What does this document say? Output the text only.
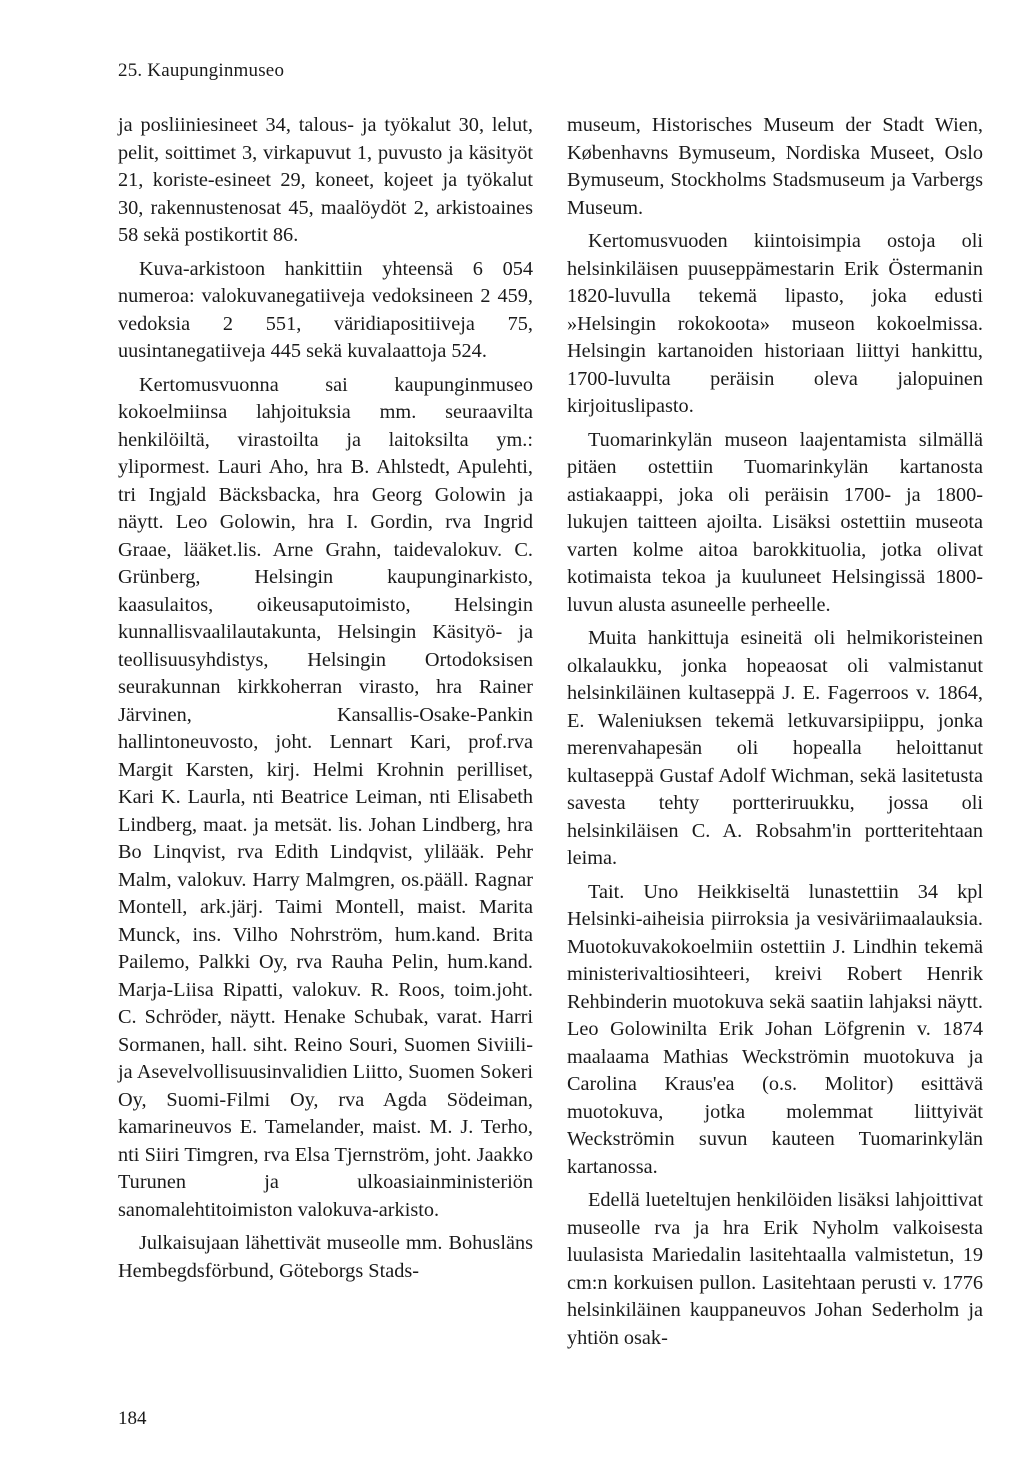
25. Kaupunginmuseo

ja posliiniesineet 34, talous- ja työkalut 30, lelut, pelit, soittimet 3, virkapuvut 1, puvusto ja käsityöt 21, koriste-esineet 29, koneet, kojeet ja työkalut 30, rakennustenosat 45, maalöydöt 2, arkistoaines 58 sekä postikortit 86.

Kuva-arkistoon hankittiin yhteensä 6 054 numeroa: valokuvanegatiiveja vedoksineen 2 459, vedoksia 2 551, väridiapositiiveja 75, uusintanegatiiveja 445 sekä kuvalaattoja 524.

Kertomusvuonna sai kaupunginmuseo kokoelmiinsa lahjoituksia mm. seuraavilta henkilöiltä, virastoilta ja laitoksilta ym.: ylipormest. Lauri Aho, hra B. Ahlstedt, Apulehti, tri Ingjald Bäcksbacka, hra Georg Golowin ja näytt. Leo Golowin, hra I. Gordin, rva Ingrid Graae, lääket.lis. Arne Grahn, taidevalokuv. C. Grünberg, Helsingin kaupunginarkisto, kaasulaitos, oikeusaputoimisto, Helsingin kunnallisvaalilautakunta, Helsingin Käsityö- ja teollisuusyhdistys, Helsingin Ortodoksisen seurakunnan kirkkoherran virasto, hra Rainer Järvinen, Kansallis-Osake-Pankin hallintoneuvosto, joht. Lennart Kari, prof.rva Margit Karsten, kirj. Helmi Krohnin perilliset, Kari K. Laurla, nti Beatrice Leiman, nti Elisabeth Lindberg, maat. ja metsät. lis. Johan Lindberg, hra Bo Linqvist, rva Edith Lindqvist, ylilääk. Pehr Malm, valokuv. Harry Malmgren, os.pääll. Ragnar Montell, ark.järj. Taimi Montell, maist. Marita Munck, ins. Vilho Nohrström, hum.kand. Brita Pailemo, Palkki Oy, rva Rauha Pelin, hum.kand. Marja-Liisa Ripatti, valokuv. R. Roos, toim.joht. C. Schröder, näytt. Henake Schubak, varat. Harri Sormanen, hall. siht. Reino Souri, Suomen Siviili- ja Asevelvollisuusinvalidien Liitto, Suomen Sokeri Oy, Suomi-Filmi Oy, rva Agda Södeiman, kamarineuvos E. Tamelander, maist. M. J. Terho, nti Siiri Timgren, rva Elsa Tjernström, joht. Jaakko Turunen ja ulkoasiainministeriön sanomalehtitoimiston valokuva-arkisto.

Julkaisujaan lähettivät museolle mm. Bohusläns Hembegdsförbund, Göteborgs Stads-

museum, Historisches Museum der Stadt Wien, Københavns Bymuseum, Nordiska Museet, Oslo Bymuseum, Stockholms Stadsmuseum ja Varbergs Museum.

Kertomusvuoden kiintoisimpia ostoja oli helsinkiläisen puuseppämestarin Erik Östermanin 1820-luvulla tekemä lipasto, joka edusti »Helsingin rokokoota» museon kokoelmissa. Helsingin kartanoiden historiaan liittyi hankittu, 1700-luvulta peräisin oleva jalopuinen kirjoituslipasto.

Tuomarinkylän museon laajentamista silmällä pitäen ostettiin Tuomarinkylän kartanosta astiakaappi, joka oli peräisin 1700- ja 1800-lukujen taitteen ajoilta. Lisäksi ostettiin museota varten kolme aitoa barokkituolia, jotka olivat kotimaista tekoa ja kuuluneet Helsingissä 1800-luvun alusta asuneelle perheelle.

Muita hankittuja esineitä oli helmikoristeinen olkalaukku, jonka hopeaosat oli valmistanut helsinkiläinen kultaseppä J. E. Fagerroos v. 1864, E. Waleniuksen tekemä letkuvarsipiippu, jonka merenvahapesän oli hopealla heloittanut kultaseppä Gustaf Adolf Wichman, sekä lasitetusta savesta tehty portteriruukku, jossa oli helsinkiläisen C. A. Robsahm'in portteritehtaan leima.

Tait. Uno Heikkiseltä lunastettiin 34 kpl Helsinki-aiheisia piirroksia ja vesiväriimaalauksia. Muotokuvakokoelmiin ostettiin J. Lindhin tekemä ministerivaltiosihteeri, kreivi Robert Henrik Rehbinderin muotokuva sekä saatiin lahjaksi näytt. Leo Golowinilta Erik Johan Löfgrenin v. 1874 maalaama Mathias Weckströmin muotokuva ja Carolina Kraus'ea (o.s. Molitor) esittävä muotokuva, jotka molemmat liittyivät Weckströmin suvun kauteen Tuomarinkylän kartanossa.

Edellä lueteltujen henkilöiden lisäksi lahjoittivat museolle rva ja hra Erik Nyholm valkoisesta luulasista Mariedalin lasitehtaalla valmistetun, 19 cm:n korkuisen pullon. Lasitehtaan perusti v. 1776 helsinkiläinen kauppaneuvos Johan Sederholm ja yhtiön osak-

184
